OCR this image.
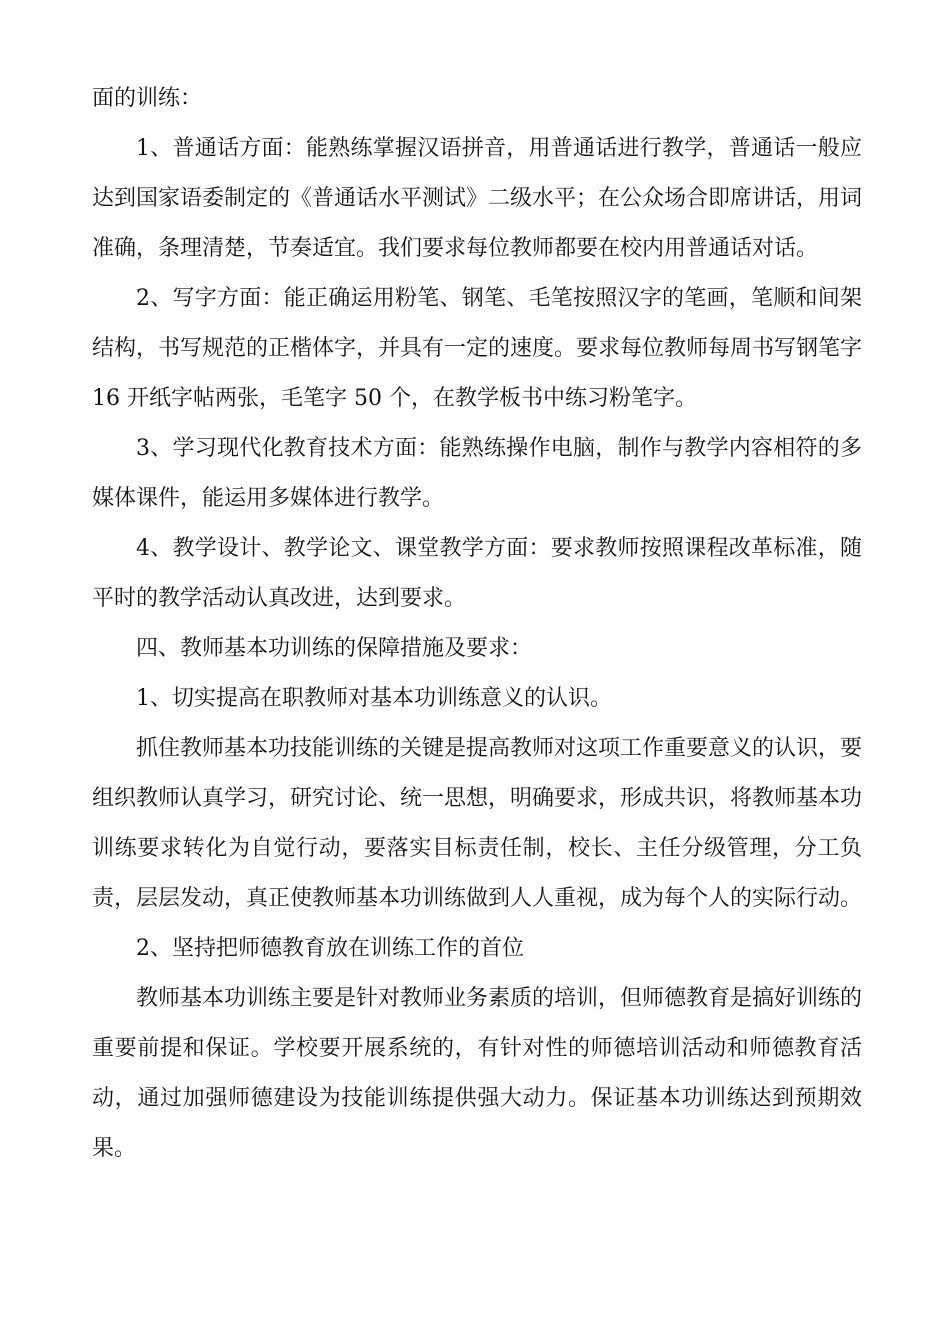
面的训练：

1、普通话方面：能熟练掌握汉语拼音，用普通话进行教学，普通话一般应达到国家语委制定的《普通话水平测试》二级水平；在公众场合即席讲话，用词准确，条理清楚，节奏适宜。我们要求每位教师都要在校内用普通话对话。

2、写字方面：能正确运用粉笔、钢笔、毛笔按照汉字的笔画，笔顺和间架结构，书写规范的正楷体字，并具有一定的速度。要求每位教师每周书写钢笔字 16 开纸字帖两张，毛笔字 50 个，在教学板书中练习粉笔字。

3、学习现代化教育技术方面：能熟练操作电脑，制作与教学内容相符的多媒体课件，能运用多媒体进行教学。

4、教学设计、教学论文、课堂教学方面：要求教师按照课程改革标准，随平时的教学活动认真改进，达到要求。

四、教师基本功训练的保障措施及要求：

1、切实提高在职教师对基本功训练意义的认识。

抓住教师基本功技能训练的关键是提高教师对这项工作重要意义的认识，要组织教师认真学习，研究讨论、统一思想，明确要求，形成共识，将教师基本功训练要求转化为自觉行动，要落实目标责任制，校长、主任分级管理，分工负责，层层发动，真正使教师基本功训练做到人人重视，成为每个人的实际行动。

2、坚持把师德教育放在训练工作的首位

教师基本功训练主要是针对教师业务素质的培训，但师德教育是搞好训练的重要前提和保证。学校要开展系统的，有针对性的师德培训活动和师德教育活动，通过加强师德建设为技能训练提供强大动力。保证基本功训练达到预期效果。
